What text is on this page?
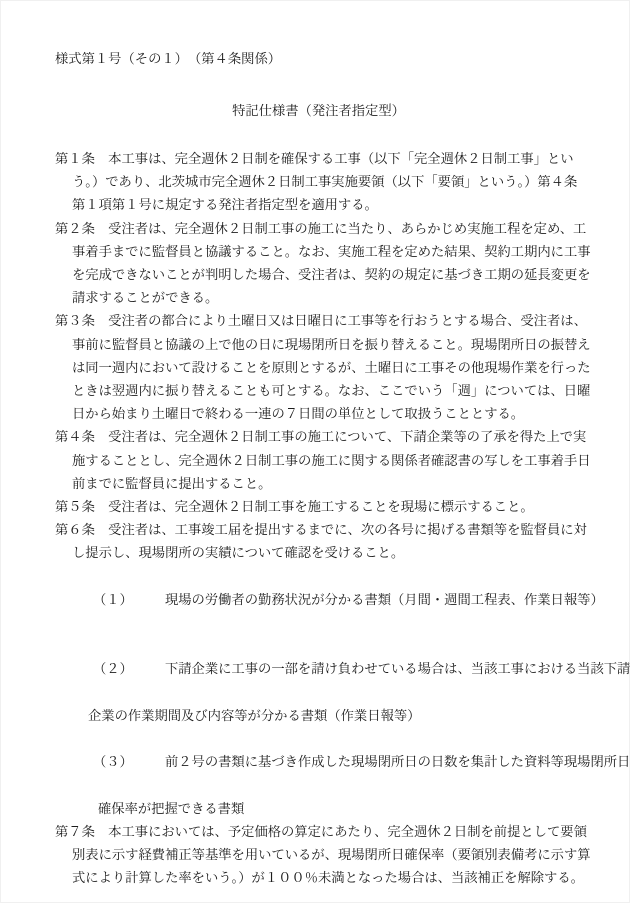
様式第１号（その１）　（第４条関係）
特記仕様書（発注者指定型）
第１条　本工事は、完全週休２日制を確保する工事（以下「完全週休２日制工事」とい
う。）であり、北茨城市完全週休２日制工事実施要領（以下「要領」という。）第４条
第１項第１号に規定する発注者指定型を適用する。
第２条　受注者は、完全週休２日制工事の施工に当たり、あらかじめ実施工程を定め、工
事着手までに監督員と協議すること。なお、実施工程を定めた結果、契約工期内に工事
を完成できないことが判明した場合、受注者は、契約の規定に基づき工期の延長変更を
請求することができる。
第３条　受注者の都合により土曜日又は日曜日に工事等を行おうとする場合、受注者は、
事前に監督員と協議の上で他の日に現場閉所日を振り替えること。現場閉所日の振替え
は同一週内において設けることを原則とするが、土曜日に工事その他現場作業を行った
ときは翌週内に振り替えることも可とする。なお、ここでいう「週」については、日曜
日から始まり土曜日で終わる一連の７日間の単位として取扱うこととする。
第４条　受注者は、完全週休２日制工事の施工について、下請企業等の了承を得た上で実
施することとし、完全週休２日制工事の施工に関する関係者確認書の写しを工事着手日
前までに監督員に提出すること。
第５条　受注者は、完全週休２日制工事を施工することを現場に標示すること。
第６条　受注者は、工事竣工届を提出するまでに、次の各号に掲げる書類等を監督員に対
し提示し、現場閉所の実績について確認を受けること。

（１） 現場の労働者の勤務状況が分かる書類（月間・週間工程表、作業日報等）

（２） 下請企業に工事の一部を請け負わせている場合は、当該工事における当該下請

企業の作業期間及び内容等が分かる書類（作業日報等）

（３） 前２号の書類に基づき作成した現場閉所日の日数を集計した資料等現場閉所日

確保率が把握できる書類
第７条　本工事においては、予定価格の算定にあたり、完全週休２日制を前提として要領
別表に示す経費補正等基準を用いているが、現場閉所日確保率（要領別表備考に示す算
式により計算した率をいう。）が１００％未満となった場合は、当該補正を解除する。
